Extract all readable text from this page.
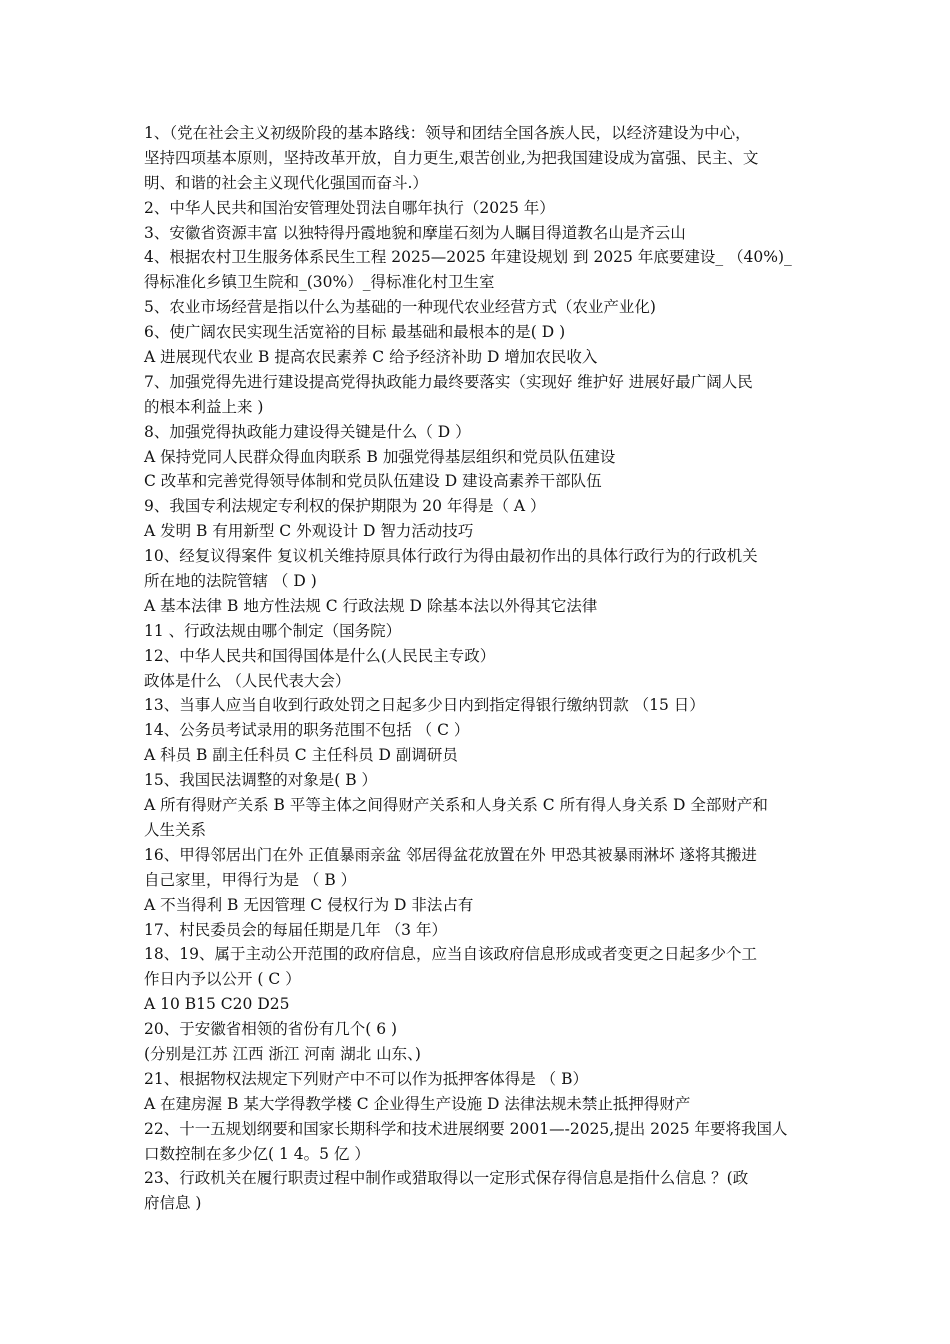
1、（党在社会主义初级阶段的基本路线：领导和团结全国各族人民，以经济建设为中心，
坚持四项基本原则，坚持改革开放，自力更生,艰苦创业,为把我国建设成为富强、民主、文
明、和谐的社会主义现代化强国而奋斗.）
2、中华人民共和国治安管理处罚法自哪年执行（2025 年）
3、安徽省资源丰富 以独特得丹霞地貌和摩崖石刻为人瞩目得道教名山是齐云山
4、根据农村卫生服务体系民生工程 2025—2025 年建设规划 到 2025 年底要建设_ （40%)_
得标准化乡镇卫生院和_(30%）_得标准化村卫生室
5、农业市场经营是指以什么为基础的一种现代农业经营方式（农业产业化)
6、使广阔农民实现生活宽裕的目标 最基础和最根本的是( D )
A 进展现代农业 B 提高农民素养 C 给予经济补助 D 增加农民收入
7、加强党得先进行建设提高党得执政能力最终要落实（实现好 维护好 进展好最广阔人民
的根本利益上来 )
8、加强党得执政能力建设得关键是什么（ D ）
A 保持党同人民群众得血肉联系 B 加强党得基层组织和党员队伍建设
C 改革和完善党得领导体制和党员队伍建设 D 建设高素养干部队伍
9、我国专利法规定专利权的保护期限为 20 年得是（ A ）
A 发明 B 有用新型 C 外观设计 D 智力活动技巧
10、经复议得案件 复议机关维持原具体行政行为得由最初作出的具体行政行为的行政机关
所在地的法院管辖 （ D )
A 基本法律 B 地方性法规 C 行政法规 D 除基本法以外得其它法律
11 、行政法规由哪个制定（国务院）
12、中华人民共和国得国体是什么(人民民主专政）
政体是什么 （人民代表大会）
13、当事人应当自收到行政处罚之日起多少日内到指定得银行缴纳罚款 （15 日）
14、公务员考试录用的职务范围不包括 （ C ）
A 科员 B 副主任科员 C 主任科员 D 副调研员
15、我国民法调整的对象是( B ）
A 所有得财产关系 B 平等主体之间得财产关系和人身关系 C 所有得人身关系 D 全部财产和
人生关系
16、甲得邻居出门在外 正值暴雨亲盆 邻居得盆花放置在外 甲恐其被暴雨淋坏 遂将其搬进
自己家里，甲得行为是 （ B ）
A 不当得利 B 无因管理 C 侵权行为 D 非法占有
17、村民委员会的每届任期是几年 （3 年）
18、19、属于主动公开范围的政府信息，应当自该政府信息形成或者变更之日起多少个工
作日内予以公开 ( C ）
A 10 B15 C20 D25
20、于安徽省相领的省份有几个( 6 )
(分别是江苏 江西 浙江 河南 湖北 山东、)
21、根据物权法规定下列财产中不可以作为抵押客体得是 （ B）
A 在建房渥 B 某大学得教学楼 C 企业得生产设施 D 法律法规未禁止抵押得财产
22、十一五规划纲要和国家长期科学和技术进展纲要 2001—-2025,提出 2025 年要将我国人
口数控制在多少亿( 1 4。5 亿 ）
23、行政机关在履行职责过程中制作或猎取得以一定形式保存得信息是指什么信息 ？(政
府信息 )
